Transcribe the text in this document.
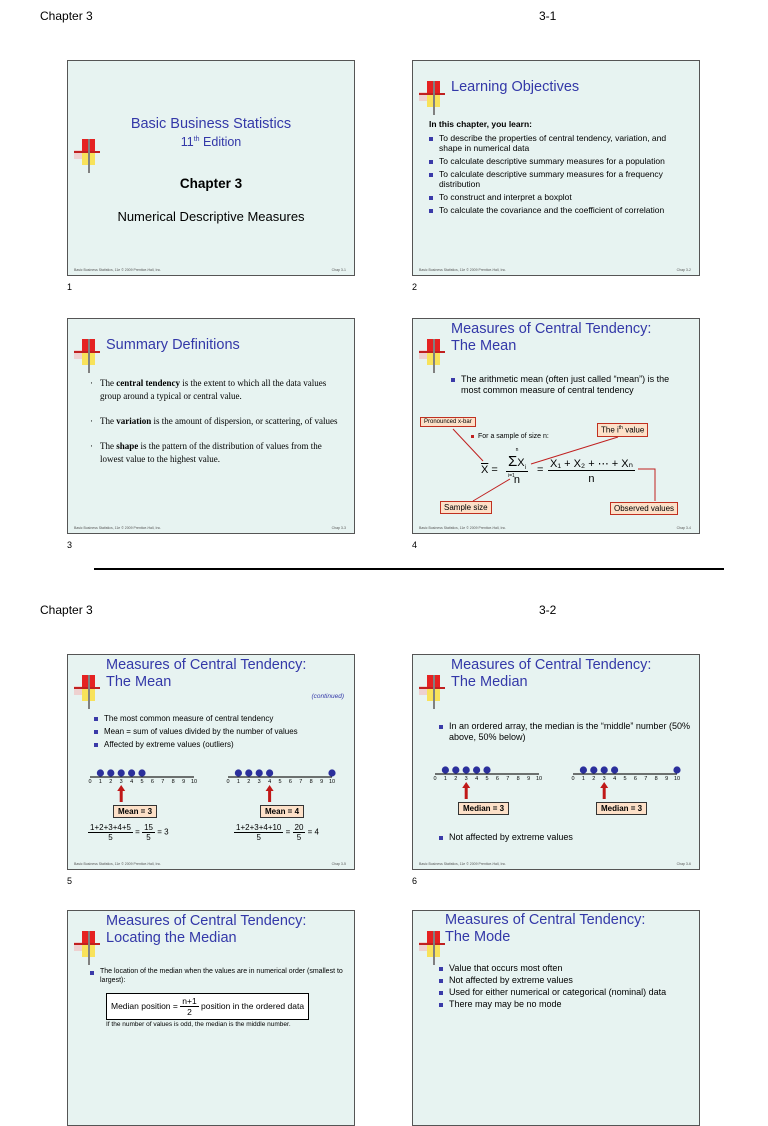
Chapter 3	3-1
Basic Business Statistics
11th Edition
Chapter 3
Numerical Descriptive Measures
Basic Business Statistics, 11e © 2009 Prentice-Hall, Inc.	Chap 3-1
1
Learning Objectives
In this chapter, you learn:
To describe the properties of central tendency, variation, and shape in numerical data
To calculate descriptive summary measures for a population
To calculate descriptive summary measures for a frequency distribution
To construct and interpret a boxplot
To calculate the covariance and the coefficient of correlation
Basic Business Statistics, 11e © 2009 Prentice-Hall, Inc.	Chap 3-2
2
Summary Definitions
· The central tendency is the extent to which all the data values group around a typical or central value.
· The variation is the amount of dispersion, or scattering, of values
· The shape is the pattern of the distribution of values from the lowest value to the highest value.
Basic Business Statistics, 11e © 2009 Prentice-Hall, Inc.	Chap 3-3
3
Measures of Central Tendency:
The Mean
The arithmetic mean (often just called “mean”) is the most common measure of central tendency
Pronounced x-bar
For a sample of size n:
The $i^{th}$ value
$\overline{X}$ =
n
$\Sigma X_i$
i=1 n
= X₁ + X₂ + ⋯ + Xₙ
n
Sample size	Observed values
Basic Business Statistics, 11e © 2009 Prentice-Hall, Inc.	Chap 3-4
4
Chapter 3	3-2
Measures of Central Tendency:
The Mean
(continued)
The most common measure of central tendency
Mean = sum of values divided by the number of values
Affected by extreme values (outliers)
0 1 2 3 4 5 6 7 8 9 10	0 1 2 3 4 5 6 7 8 9 10
Mean = 3	Mean = 4
$\frac{1+2+3+4+5}{5} = \frac{15}{5} = 3$	$\frac{1+2+3+4+10}{5} = \frac{20}{5} = 4$
Basic Business Statistics, 11e © 2009 Prentice-Hall, Inc.	Chap 3-5
5
Measures of Central Tendency:
The Median
In an ordered array, the median is the “middle” number (50% above, 50% below)
0 1 2 3 4 5 6 7 8 9 10	0 1 2 3 4 5 6 7 8 9 10
Median = 3	Median = 3
Not affected by extreme values
Basic Business Statistics, 11e © 2009 Prentice-Hall, Inc.	Chap 3-6
6
Measures of Central Tendency:
Locating the Median
The location of the median when the values are in numerical order (smallest to largest):
Median position = $\frac{n+1}{2}$ position in the ordered data
If the number of values is odd, the median is the middle number.
Measures of Central Tendency:
The Mode
Value that occurs most often
Not affected by extreme values
Used for either numerical or categorical (nominal) data
There may may be no mode
